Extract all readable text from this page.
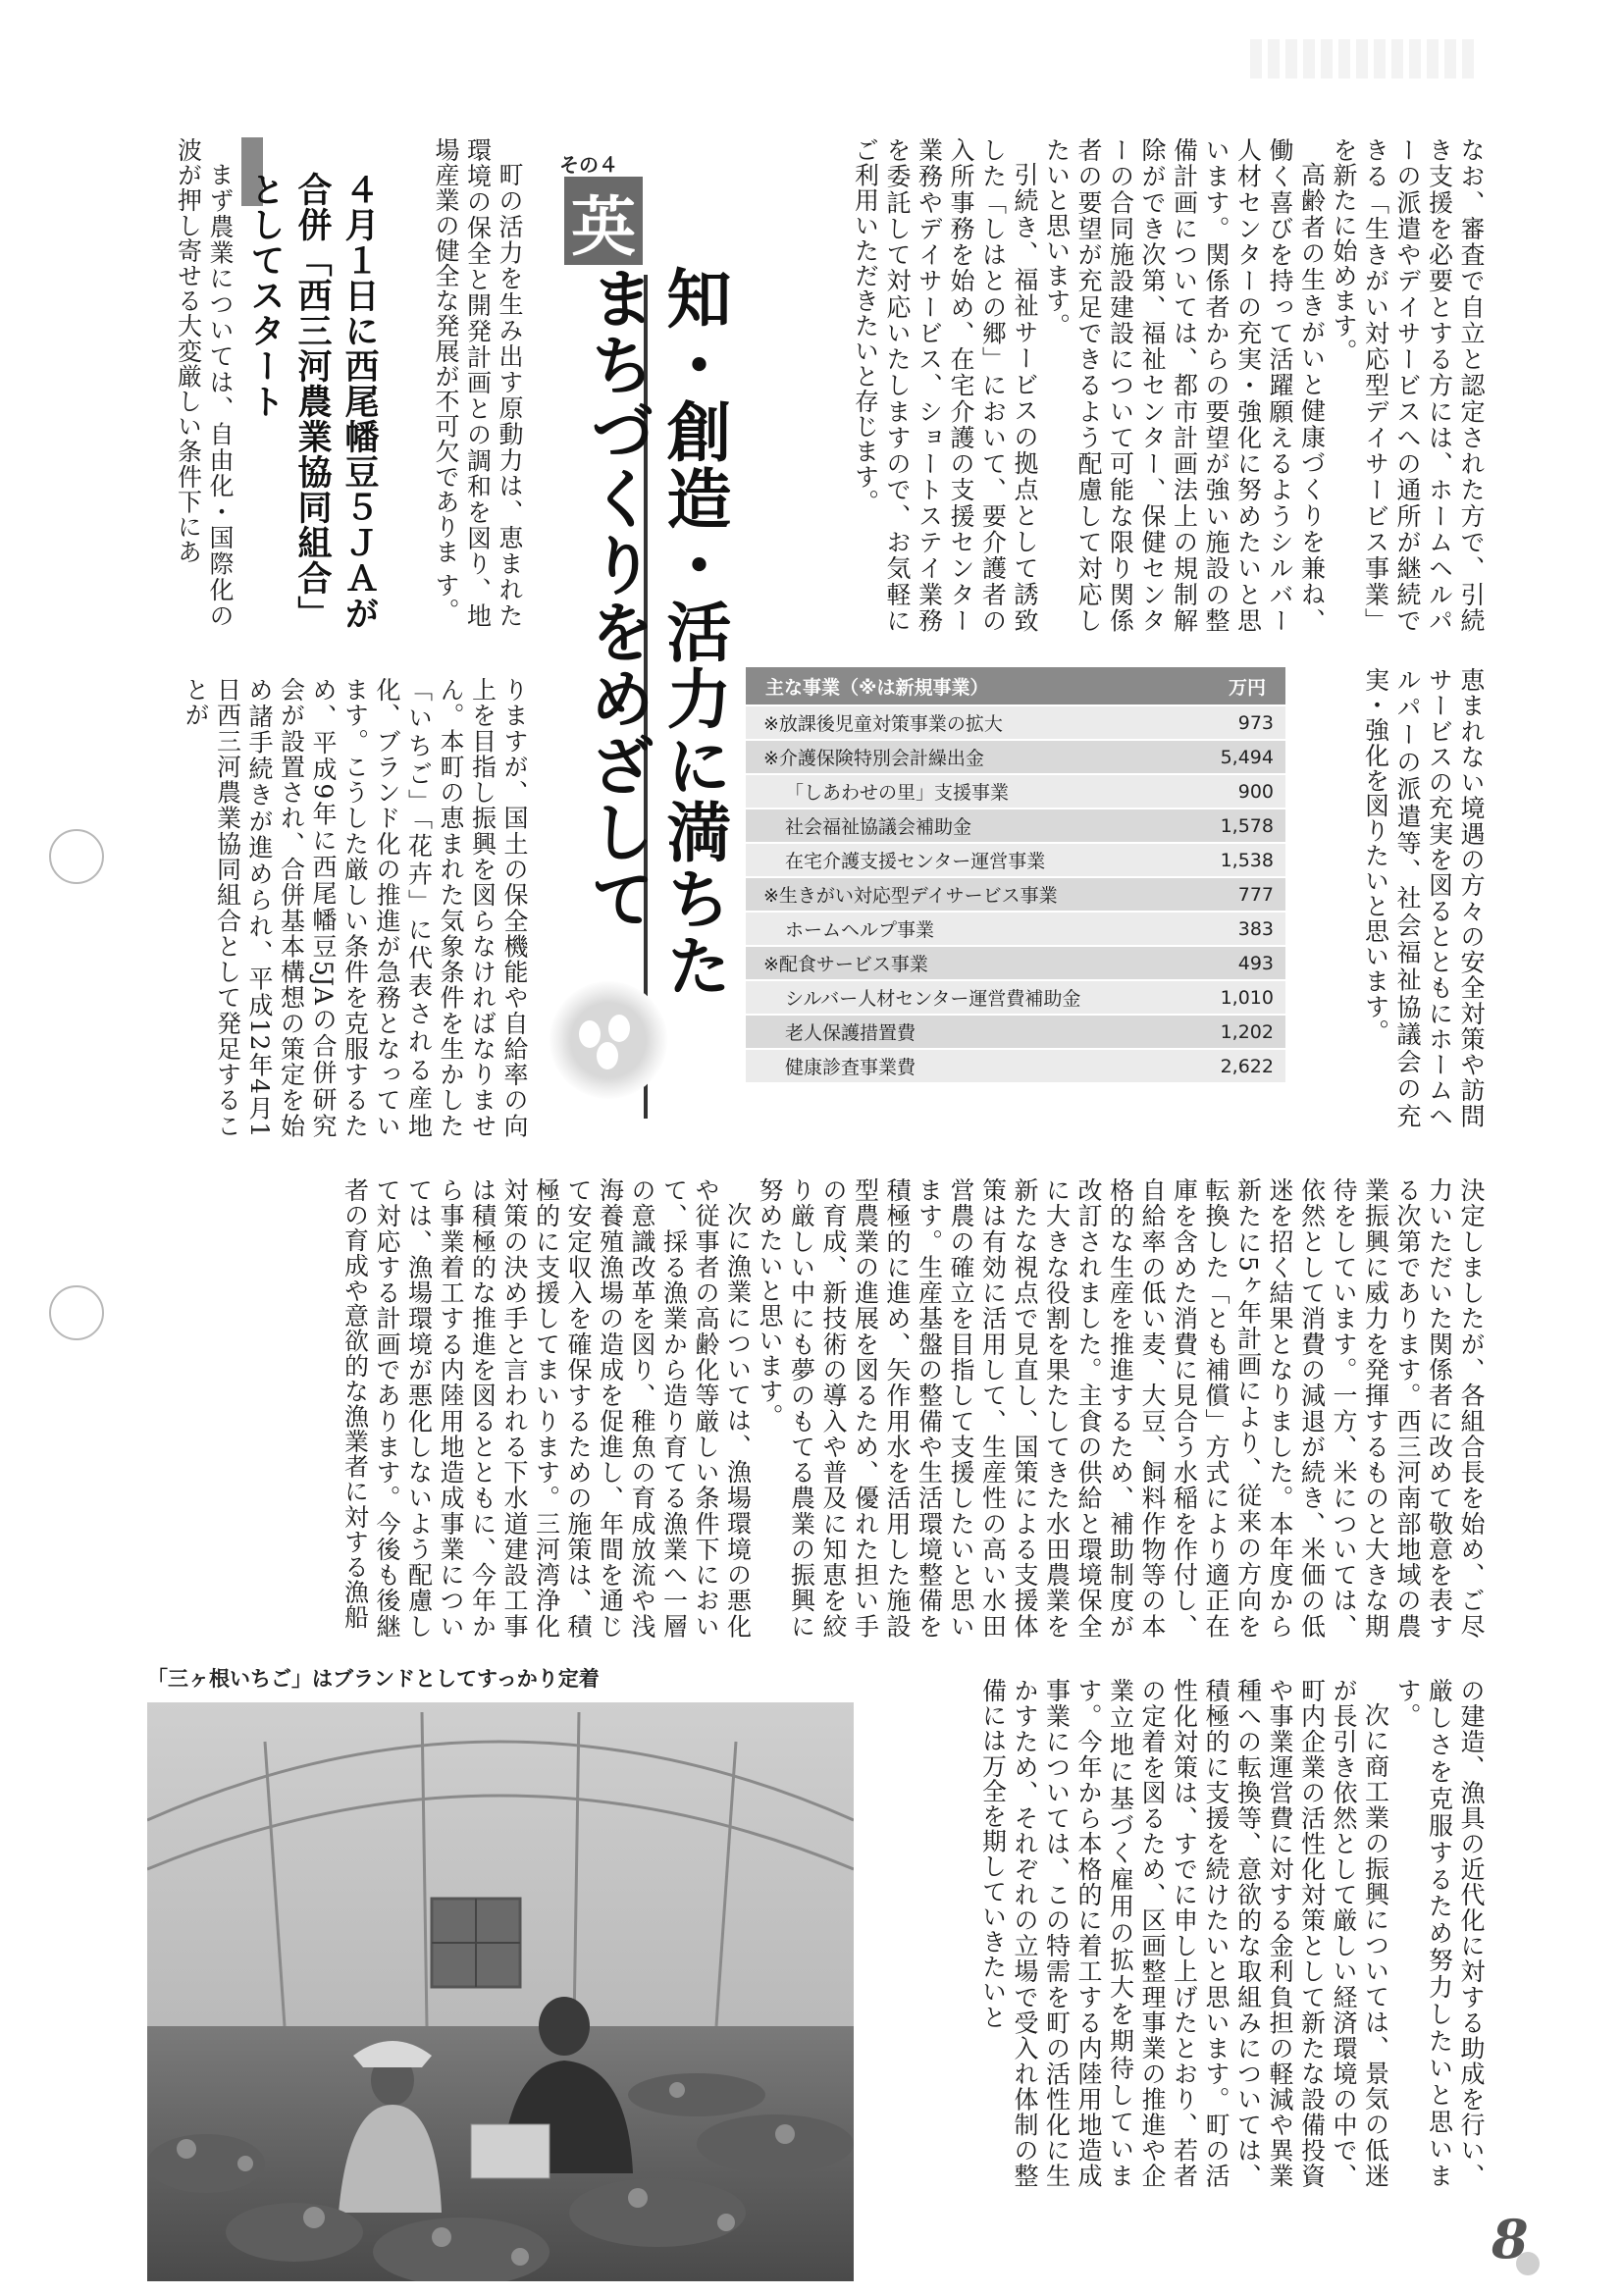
なお、審査で自立と認定された方で、引続き支援を必要とする方には、ホームヘルパーの派遣やデイサービスへの通所が継続できる「生きがい対応型デイサービス事業」を新たに始めます。

高齢者の生きがいと健康づくりを兼ね、働く喜びを持って活躍願えるようシルバー人材センターの充実・強化に努めたいと思います。関係者からの要望が強い施設の整備計画については、都市計画法上の規制解除ができ次第、福祉センター、保健センターの合同施設建設について可能な限り関係者の要望が充足できるよう配慮して対応したいと思います。

引続き、福祉サービスの拠点として誘致した「しはとの郷」において、要介護者の入所事務を始め、在宅介護の支援センター業務やデイサービス、ショートステイ業務を委託して対応いたしますので、お気軽にご利用いただきたいと存じます。

恵まれない境遇の方々の安全対策や訪問サービスの充実を図るとともにホームヘルパーの派遣等、社会福祉協議会の充実・強化を図りたいと思います。

その４
英
知・創造・活力に満ちた まちづくりをめざして

町の活力を生み出す原動力は、恵まれた環境の保全と開発計画との調和を図り、地場産業の健全な発展が不可欠でありま す。

４月１日に西尾幡豆５ＪＡが合併「西三河農業協同組合」としてスタート

まず農業については、自由化・国際化の波が押し寄せる大変厳しい条件下にあ

りますが、国土の保全機能や自給率の向上を目指し振興を図らなければなりません。本町の恵まれた気象条件を生かした「いちご」「花卉」に代表される産地化、ブランド化の推進が急務となっています。こうした厳しい条件を克服するため、平成9年に西尾幡豆5JAの合併研究会が設置され、合併基本構想の策定を始め諸手続きが進められ、平成12年4月1日西三河農業協同組合として発足することが	主な事業（※は新規事業）	万円
※放課後児童対策事業の拡大	973
※介護保険特別会計繰出金	5,494
「しあわせの里」支援事業	900
社会福祉協議会補助金	1,578
在宅介護支援センター運営事業	1,538
※生きがい対応型デイサービス事業	777
ホームヘルプ事業	383
※配食サービス事業	493
シルバー人材センター運営費補助金	1,010
老人保護措置費	1,202
健康診査事業費	2,622

決定しましたが、各組合長を始め、ご尽力いただいた関係者に改めて敬意を表する次第であります。西三河南部地域の農業振興に威力を発揮するものと大きな期待をしています。一方、米については、依然として消費の減退が続き、米価の低迷を招く結果となりました。本年度から新たに5ヶ年計画により、従来の方向を転換した「とも補償」方式により適正在庫を含めた消費に見合う水稲を作付し、自給率の低い麦、大豆、飼料作物等の本格的な生産を推進するため、補助制度が改訂されました。主食の供給と環境保全に大きな役割を果たしてきた水田農業を新たな視点で見直し、国策による支援体策は有効に活用して、生産性の高い水田営農の確立を目指して支援したいと思います。生産基盤の整備や生活環境整備を積極的に進め、矢作用水を活用した施設型農業の進展を図るため、優れた担い手の育成、新技術の導入や普及に知恵を絞り厳しい中にも夢のもてる農業の振興に努めたいと思います。

次に漁業については、漁場環境の悪化や従事者の高齢化等厳しい条件下において、採る漁業から造り育てる漁業へ一層の意識改革を図り、稚魚の育成放流や浅海養殖漁場の造成を促進し、年間を通じて安定収入を確保するための施策は、積極的に支援してまいります。三河湾浄化対策の決め手と言われる下水道建設工事は積極的な推進を図るとともに、今年から事業着工する内陸用地造成事業については、漁場環境が悪化しないよう配慮して対応する計画であります。今後も後継者の育成や意欲的な漁業者に対する漁船

「三ヶ根いちご」はブランドとしてすっかり定着	の建造、漁具の近代化に対する助成を行い、厳しさを克服するため努力したいと思います。

次に商工業の振興については、景気の低迷が長引き依然として厳しい経済環境の中で、町内企業の活性化対策として新たな設備投資や事業運営費に対する金利負担の軽減や異業種への転換等、意欲的な取組みについては、積極的に支援を続けたいと思います。町の活性化対策は、すでに申し上げたとおり、若者の定着を図るため、区画整理事業の推進や企業立地に基づく雇用の拡大を期待しています。今年から本格的に着工する内陸用地造成事業については、この特需を町の活性化に生かすため、それぞれの立場で受入れ体制の整備には万全を期していきたいと

8
